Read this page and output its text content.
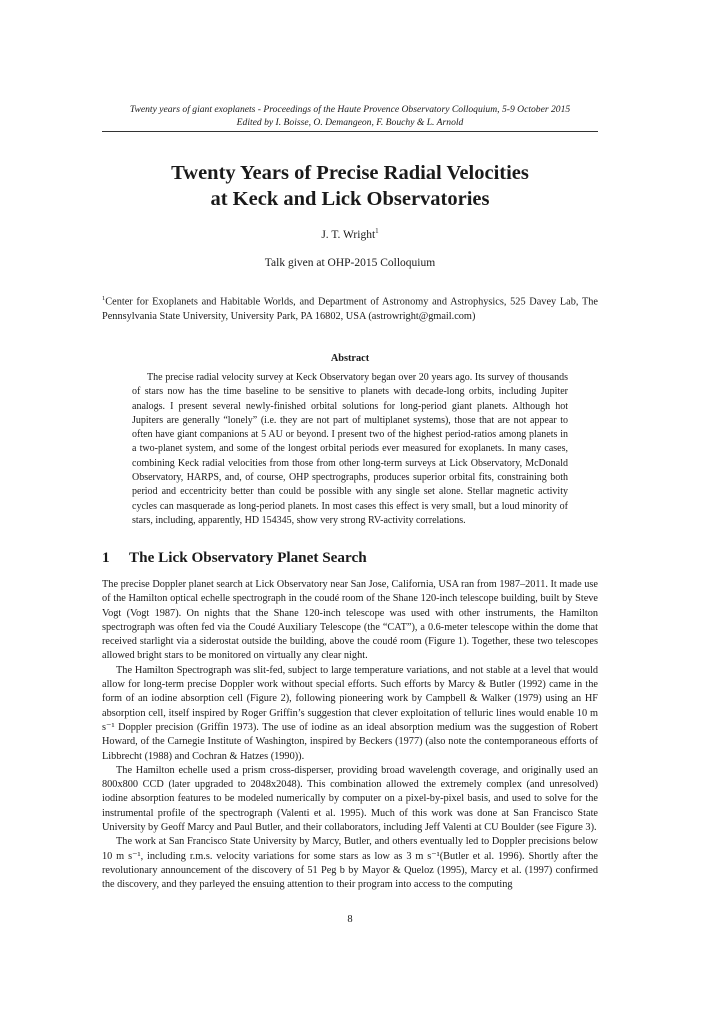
Twenty years of giant exoplanets - Proceedings of the Haute Provence Observatory Colloquium, 5-9 October 2015
Edited by I. Boisse, O. Demangeon, F. Bouchy & L. Arnold
Twenty Years of Precise Radial Velocities
at Keck and Lick Observatories
J. T. Wright$^1$
Talk given at OHP-2015 Colloquium
$^1$Center for Exoplanets and Habitable Worlds, and Department of Astronomy and Astrophysics, 525 Davey Lab, The Pennsylvania State University, University Park, PA 16802, USA (astrowright@gmail.com)
Abstract

The precise radial velocity survey at Keck Observatory began over 20 years ago. Its survey of thousands of stars now has the time baseline to be sensitive to planets with decade-long orbits, including Jupiter analogs. I present several newly-finished orbital solutions for long-period giant planets. Although hot Jupiters are generally “lonely” (i.e. they are not part of multiplanet systems), those that are not appear to often have giant companions at 5 AU or beyond. I present two of the highest period-ratios among planets in a two-planet system, and some of the longest orbital periods ever measured for exoplanets. In many cases, combining Keck radial velocities from those from other long-term surveys at Lick Observatory, McDonald Observatory, HARPS, and, of course, OHP spectrographs, produces superior orbital fits, constraining both period and eccentricity better than could be possible with any single set alone. Stellar magnetic activity cycles can masquerade as long-period planets. In most cases this effect is very small, but a loud minority of stars, including, apparently, HD 154345, show very strong RV-activity correlations.

1 The Lick Observatory Planet Search

The precise Doppler planet search at Lick Observatory near San Jose, California, USA ran from 1987–2011. It made use of the Hamilton optical echelle spectrograph in the coudé room of the Shane 120-inch telescope building, built by Steve Vogt (Vogt 1987). On nights that the Shane 120-inch telescope was used with other instruments, the Hamilton spectrograph was often fed via the Coudé Auxiliary Telescope (the “CAT”), a 0.6-meter telescope within the dome that received starlight via a siderostat outside the building, above the coudé room (Figure 1). Together, these two telescopes allowed bright stars to be monitored on virtually any clear night.

The Hamilton Spectrograph was slit-fed, subject to large temperature variations, and not stable at a level that would allow for long-term precise Doppler work without special efforts. Such efforts by Marcy & Butler (1992) came in the form of an iodine absorption cell (Figure 2), following pioneering work by Campbell & Walker (1979) using an HF absorption cell, itself inspired by Roger Griffin’s suggestion that clever exploitation of telluric lines would enable 10 m s⁻¹ Doppler precision (Griffin 1973). The use of iodine as an ideal absorption medium was the suggestion of Robert Howard, of the Carnegie Institute of Washington, inspired by Beckers (1977) (also note the contemporaneous efforts of Libbrecht (1988) and Cochran & Hatzes (1990)).

The Hamilton echelle used a prism cross-disperser, providing broad wavelength coverage, and originally used an 800x800 CCD (later upgraded to 2048x2048). This combination allowed the extremely complex (and unresolved) iodine absorption features to be modeled numerically by computer on a pixel-by-pixel basis, and used to solve for the instrumental profile of the spectrograph (Valenti et al. 1995). Much of this work was done at San Francisco State University by Geoff Marcy and Paul Butler, and their collaborators, including Jeff Valenti at CU Boulder (see Figure 3).

The work at San Francisco State University by Marcy, Butler, and others eventually led to Doppler precisions below 10 m s⁻¹, including r.m.s. velocity variations for some stars as low as 3 m s⁻¹(Butler et al. 1996). Shortly after the revolutionary announcement of the discovery of 51 Peg b by Mayor & Queloz (1995), Marcy et al. (1997) confirmed the discovery, and they parleyed the ensuing attention to their program into access to the computing

8
